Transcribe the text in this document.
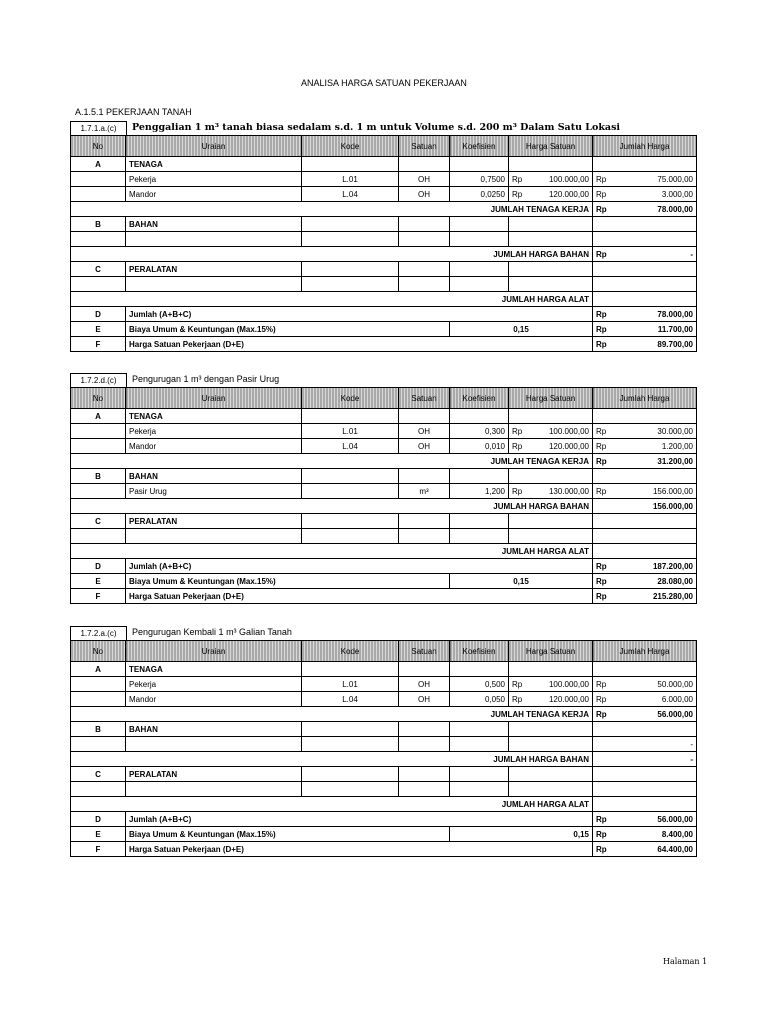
ANALISA HARGA SATUAN PEKERJAAN
A.1.5.1 PEKERJAAN TANAH
1.7.1.a.(c)	Penggalian 1 m³ tanah biasa sedalam s.d. 1 m untuk Volume s.d. 200 m³ Dalam Satu Lokasi
No	Uraian	Kode	Satuan	Koefisien	Harga Satuan		Jumlah Harga	
A	TENAGA							
	Pekerja	L.01	OH	0,7500	Rp	100.000,00	Rp	75.000,00
	Mandor	L.04	OH	0,0250	Rp	120.000,00	Rp	3.000,00
JUMLAH TENAGA KERJA							Rp	78.000,00
B	BAHAN							

JUMLAH HARGA BAHAN							Rp	-
C	PERALATAN							

JUMLAH HARGA ALAT								
D	Jumlah (A+B+C)						Rp	78.000,00
E	Biaya Umum & Keuntungan (Max.15%)			0,15			Rp	11.700,00
F	Harga Satuan Pekerjaan (D+E)						Rp	89.700,00
1.7.2.d.(c)	Pengurugan 1 m³ dengan Pasir Urug
No	Uraian	Kode	Satuan	Koefisien	Harga Satuan		Jumlah Harga	
A	TENAGA							
	Pekerja	L.01	OH	0,300	Rp	100.000,00	Rp	30.000,00
	Mandor	L.04	OH	0,010	Rp	120.000,00	Rp	1.200,00
JUMLAH TENAGA KERJA							Rp	31.200,00
B	BAHAN							
	Pasir Urug		m³	1,200	Rp	130.000,00	Rp	156.000,00
JUMLAH HARGA BAHAN								156.000,00
C	PERALATAN							

JUMLAH HARGA ALAT								
D	Jumlah (A+B+C)						Rp	187.200,00
E	Biaya Umum & Keuntungan (Max.15%)			0,15			Rp	28.080,00
F	Harga Satuan Pekerjaan (D+E)						Rp	215.280,00
1.7.2.a.(c)	Pengurugan Kembali 1 m³ Galian Tanah
No	Uraian	Kode	Satuan	Koefisien	Harga Satuan		Jumlah Harga	
A	TENAGA							
	Pekerja	L.01	OH	0,500	Rp	100.000,00	Rp	50.000,00
	Mandor	L.04	OH	0,050	Rp	120.000,00	Rp	6.000,00
JUMLAH TENAGA KERJA							Rp	56.000,00
B	BAHAN							
								-
JUMLAH HARGA BAHAN								-
C	PERALATAN							

JUMLAH HARGA ALAT								
D	Jumlah (A+B+C)						Rp	56.000,00
E	Biaya Umum & Keuntungan (Max.15%)			0,15			Rp	8.400,00
F	Harga Satuan Pekerjaan (D+E)						Rp	64.400,00
Halaman 1
